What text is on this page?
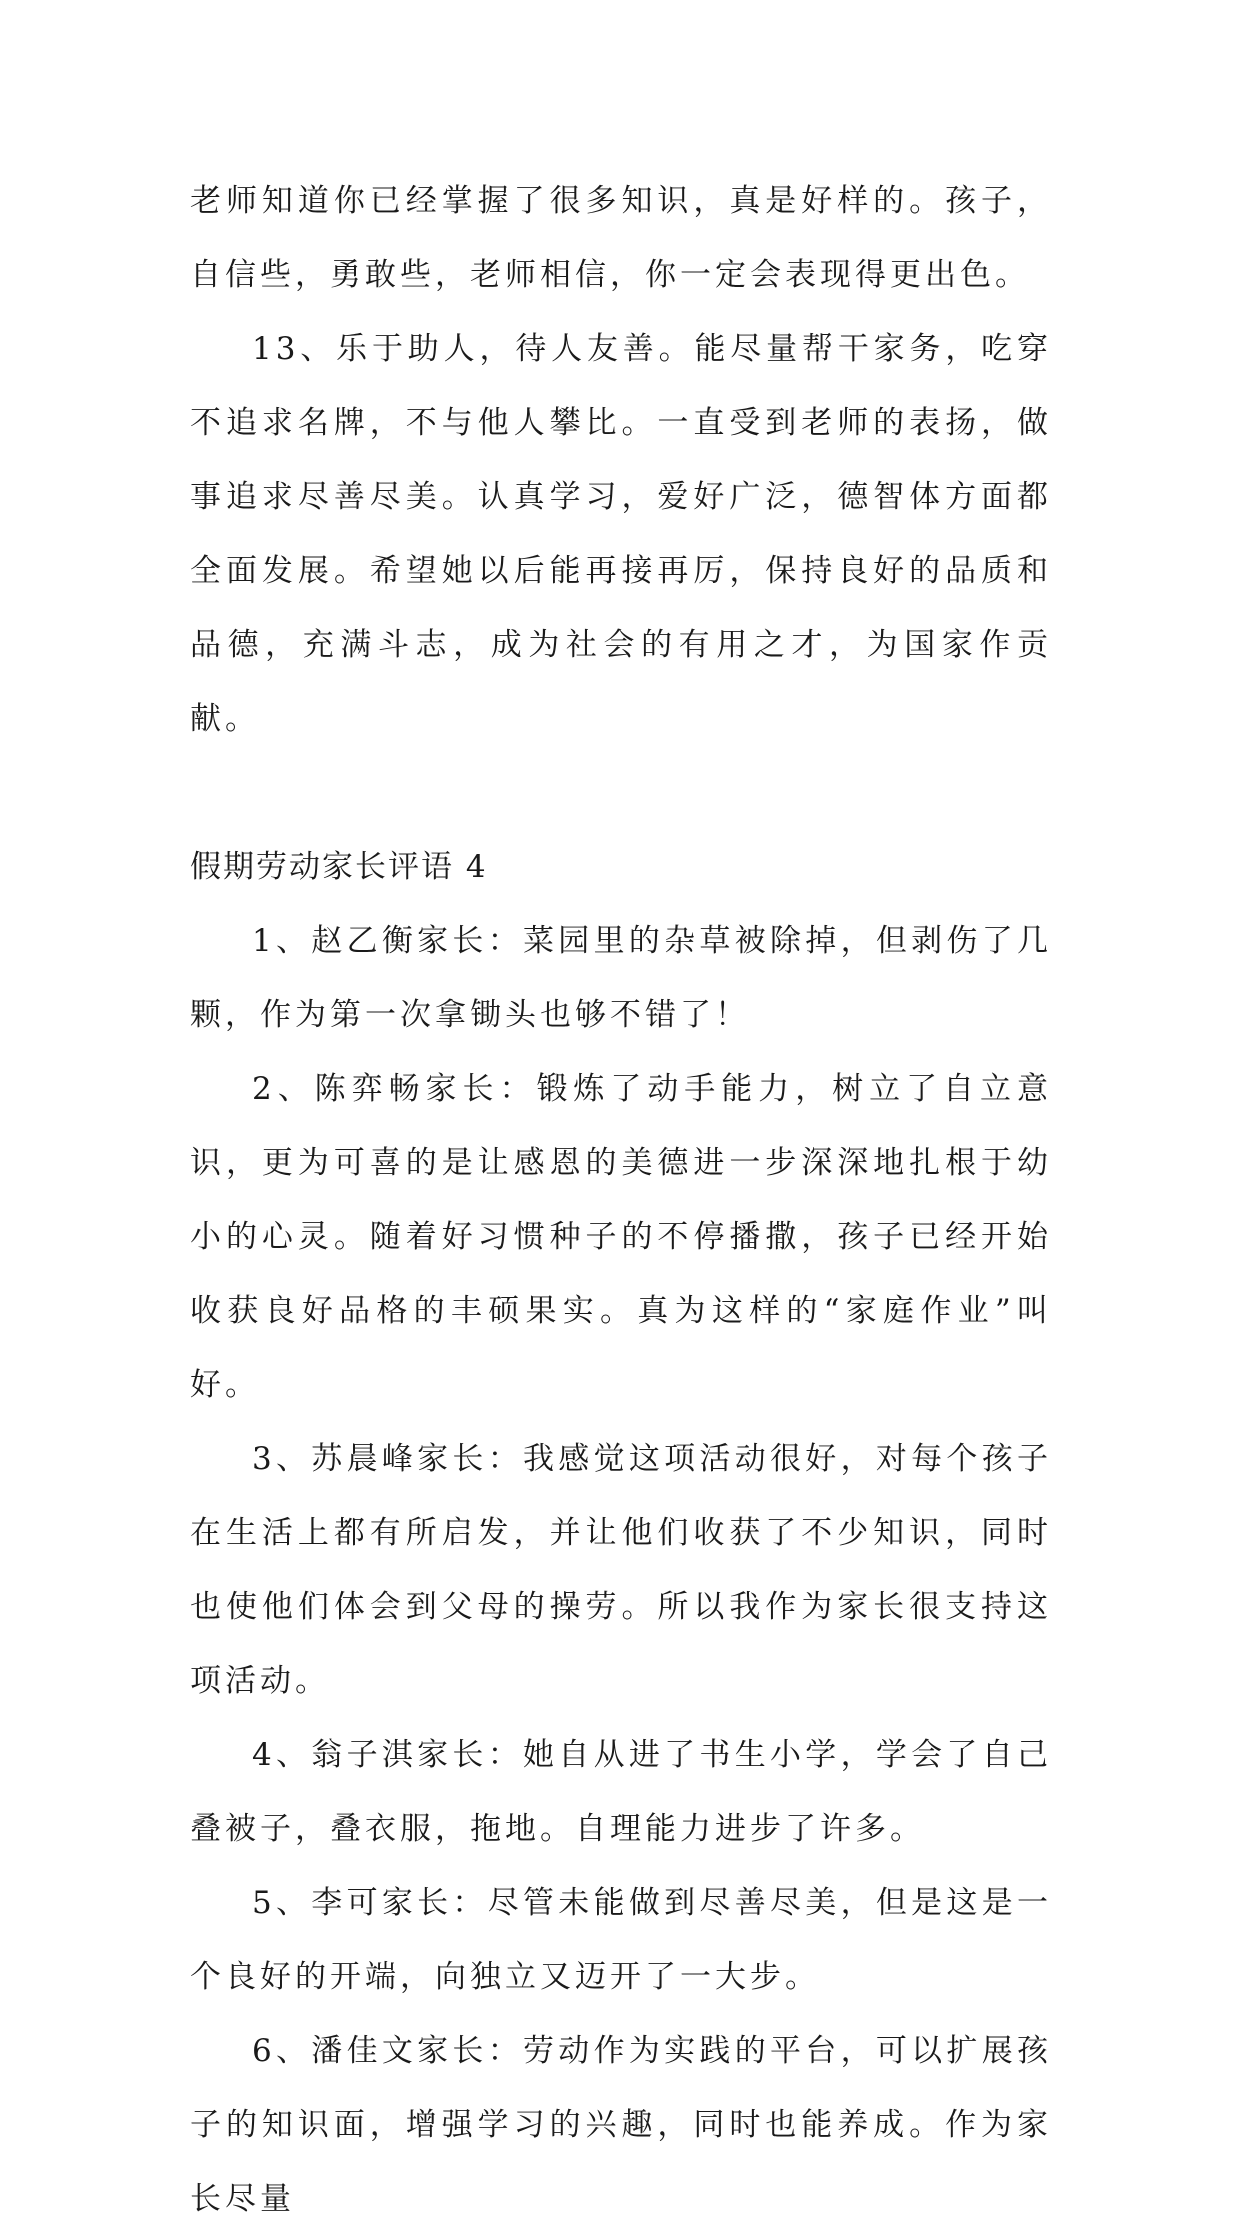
老师知道你已经掌握了很多知识，真是好样的。孩子，自信些，勇敢些，老师相信，你一定会表现得更出色。

13、乐于助人，待人友善。能尽量帮干家务，吃穿不追求名牌，不与他人攀比。一直受到老师的表扬，做事追求尽善尽美。认真学习，爱好广泛，德智体方面都全面发展。希望她以后能再接再厉，保持良好的品质和品德，充满斗志，成为社会的有用之才，为国家作贡献。

假期劳动家长评语 4

1、赵乙衡家长：菜园里的杂草被除掉，但剥伤了几颗，作为第一次拿锄头也够不错了！

2、陈弈畅家长：锻炼了动手能力，树立了自立意识，更为可喜的是让感恩的美德进一步深深地扎根于幼小的心灵。随着好习惯种子的不停播撒，孩子已经开始收获良好品格的丰硕果实。真为这样的“家庭作业”叫好。

3、苏晨峰家长：我感觉这项活动很好，对每个孩子在生活上都有所启发，并让他们收获了不少知识，同时也使他们体会到父母的操劳。所以我作为家长很支持这项活动。

4、翁子淇家长：她自从进了书生小学，学会了自己叠被子，叠衣服，拖地。自理能力进步了许多。

5、李可家长：尽管未能做到尽善尽美，但是这是一个良好的开端，向独立又迈开了一大步。

6、潘佳文家长：劳动作为实践的平台，可以扩展孩子的知识面，增强学习的兴趣，同时也能养成。作为家长尽量
